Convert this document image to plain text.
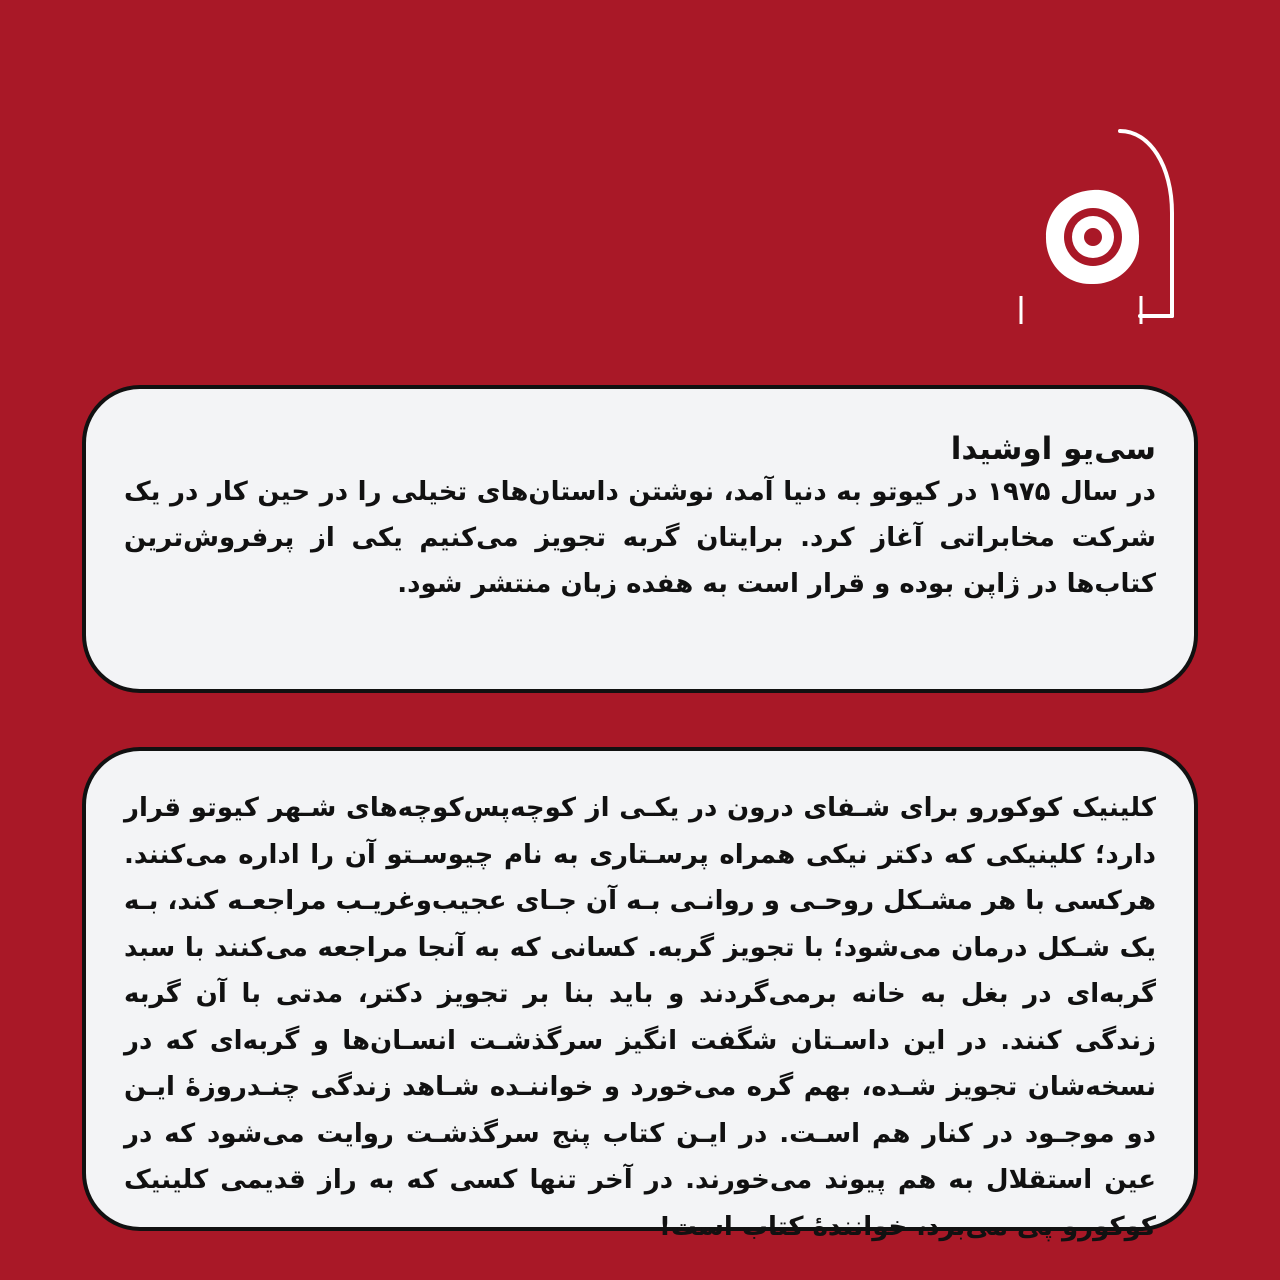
سی‌یو اوشیدا

در سال ۱۹۷۵ در کیوتو به دنیا آمد، نوشتن داستان‌های تخیلی را در حین کار در یک شرکت مخابراتی آغاز کرد. برایتان گربه تجویز می‌کنیم یکی از پرفروش‌ترین کتاب‌ها در ژاپن بوده و قرار است به هفده زبان منتشر شود.

کلینیک کوکورو برای شـفای درون در یکـی از کوچه‌پس‌کوچه‌های شـهر کیوتو قرار دارد؛ کلینیکی که دکتر نیکی همراه پرسـتاری به نام چیوسـتو آن را اداره می‌کنند. هرکسی با هر مشـکل روحـی و روانـی بـه آن جـای عجیب‌وغریـب مراجعـه کند، بـه یک شـکل درمان می‌شود؛ با تجویز گربه. کسانی که به آنجا مراجعه می‌کنند با سبد گربه‌ای در بغل به خانه برمی‌گردند و باید بنا بر تجویز دکتر، مدتی با آن گربه زندگی کنند. در این داسـتان شگفت انگیز سرگذشـت انسـان‌ها و گربه‌ای که در نسخه‌شان تجویز شـده، بهم گره می‌خورد و خواننـده شـاهد زندگی چنـدروزهٔ ایـن دو موجـود در کنار هم اسـت. در ایـن کتاب پنج سرگذشـت روایت می‌شود که در عین استقلال به هم پیوند می‌خورند. در آخر تنها کسی که به راز قدیمی کلینیک کوکورو پی می‌برد، خوانندهٔ کتاب است!
